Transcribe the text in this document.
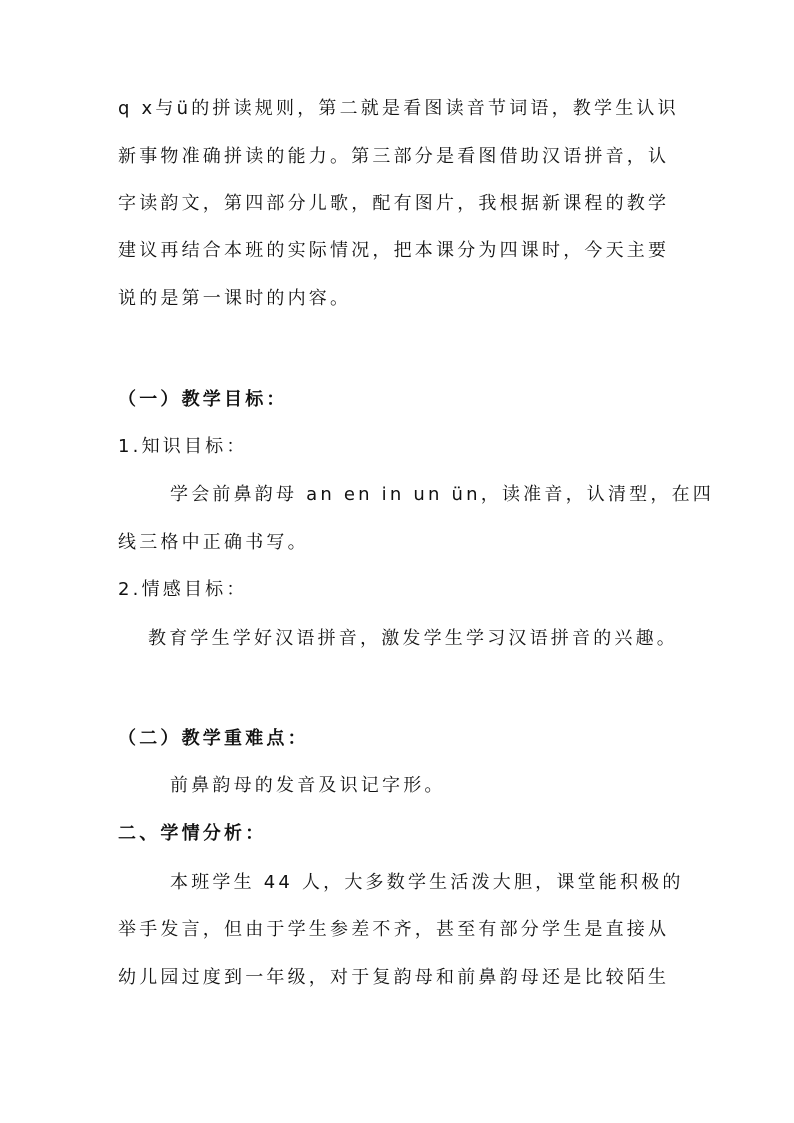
q x与ü的拼读规则，第二就是看图读音节词语，教学生认识
新事物准确拼读的能力。第三部分是看图借助汉语拼音，认
字读韵文，第四部分儿歌，配有图片，我根据新课程的教学
建议再结合本班的实际情况，把本课分为四课时，今天主要
说的是第一课时的内容。
（一）教学目标：
1.知识目标：
学会前鼻韵母 an en in un ün，读准音，认清型，在四
线三格中正确书写。
2.情感目标：
教育学生学好汉语拼音，激发学生学习汉语拼音的兴趣。
（二）教学重难点：
前鼻韵母的发音及识记字形。
二、学情分析：
本班学生 44 人，大多数学生活泼大胆，课堂能积极的
举手发言，但由于学生参差不齐，甚至有部分学生是直接从
幼儿园过度到一年级，对于复韵母和前鼻韵母还是比较陌生
